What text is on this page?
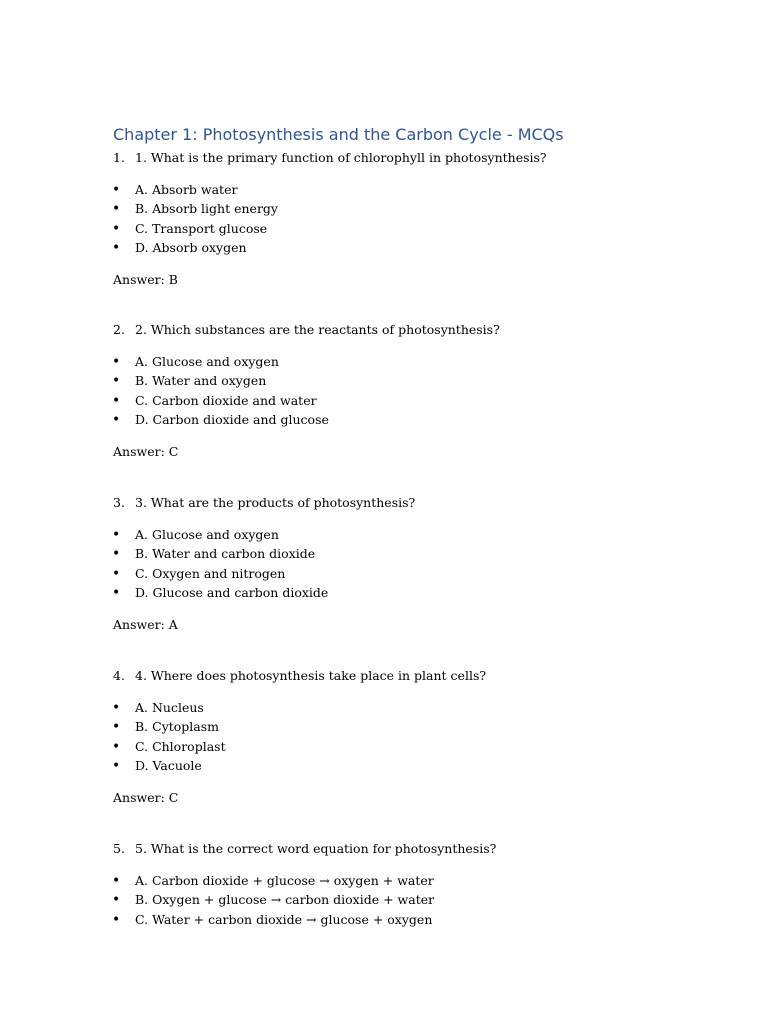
Chapter 1: Photosynthesis and the Carbon Cycle - MCQs
1. 1. What is the primary function of chlorophyll in photosynthesis?
• A. Absorb water
• B. Absorb light energy
• C. Transport glucose
• D. Absorb oxygen
Answer: B
2. 2. Which substances are the reactants of photosynthesis?
• A. Glucose and oxygen
• B. Water and oxygen
• C. Carbon dioxide and water
• D. Carbon dioxide and glucose
Answer: C
3. 3. What are the products of photosynthesis?
• A. Glucose and oxygen
• B. Water and carbon dioxide
• C. Oxygen and nitrogen
• D. Glucose and carbon dioxide
Answer: A
4. 4. Where does photosynthesis take place in plant cells?
• A. Nucleus
• B. Cytoplasm
• C. Chloroplast
• D. Vacuole
Answer: C
5. 5. What is the correct word equation for photosynthesis?
• A. Carbon dioxide + glucose → oxygen + water
• B. Oxygen + glucose → carbon dioxide + water
• C. Water + carbon dioxide → glucose + oxygen
